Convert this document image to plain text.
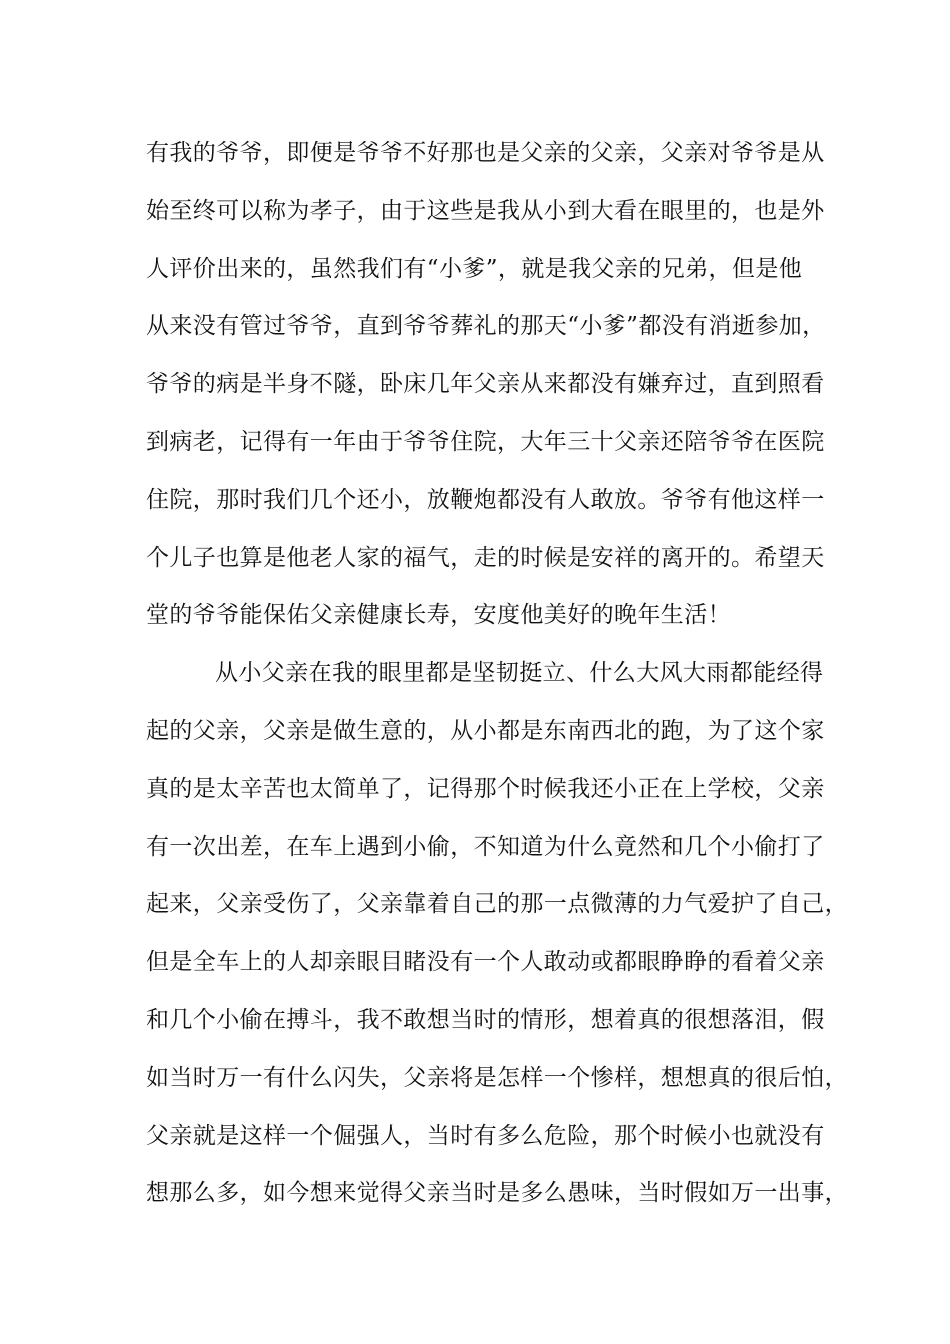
有我的爷爷，即便是爷爷不好那也是父亲的父亲，父亲对爷爷是从
始至终可以称为孝子，由于这些是我从小到大看在眼里的，也是外
人评价出来的，虽然我们有“小爹”，就是我父亲的兄弟，但是他
从来没有管过爷爷，直到爷爷葬礼的那天“小爹”都没有消逝参加，
爷爷的病是半身不隧，卧床几年父亲从来都没有嫌弃过，直到照看
到病老，记得有一年由于爷爷住院，大年三十父亲还陪爷爷在医院
住院，那时我们几个还小，放鞭炮都没有人敢放。爷爷有他这样一
个儿子也算是他老人家的福气，走的时候是安祥的离开的。希望天
堂的爷爷能保佑父亲健康长寿，安度他美好的晚年生活！
从小父亲在我的眼里都是坚韧挺立、什么大风大雨都能经得
起的父亲，父亲是做生意的，从小都是东南西北的跑，为了这个家
真的是太辛苦也太简单了，记得那个时候我还小正在上学校，父亲
有一次出差，在车上遇到小偷，不知道为什么竟然和几个小偷打了
起来，父亲受伤了，父亲靠着自己的那一点微薄的力气爱护了自己，
但是全车上的人却亲眼目睹没有一个人敢动或都眼睁睁的看着父亲
和几个小偷在搏斗，我不敢想当时的情形，想着真的很想落泪，假
如当时万一有什么闪失，父亲将是怎样一个惨样，想想真的很后怕，
父亲就是这样一个倔强人，当时有多么危险，那个时候小也就没有
想那么多，如今想来觉得父亲当时是多么愚味，当时假如万一出事，
